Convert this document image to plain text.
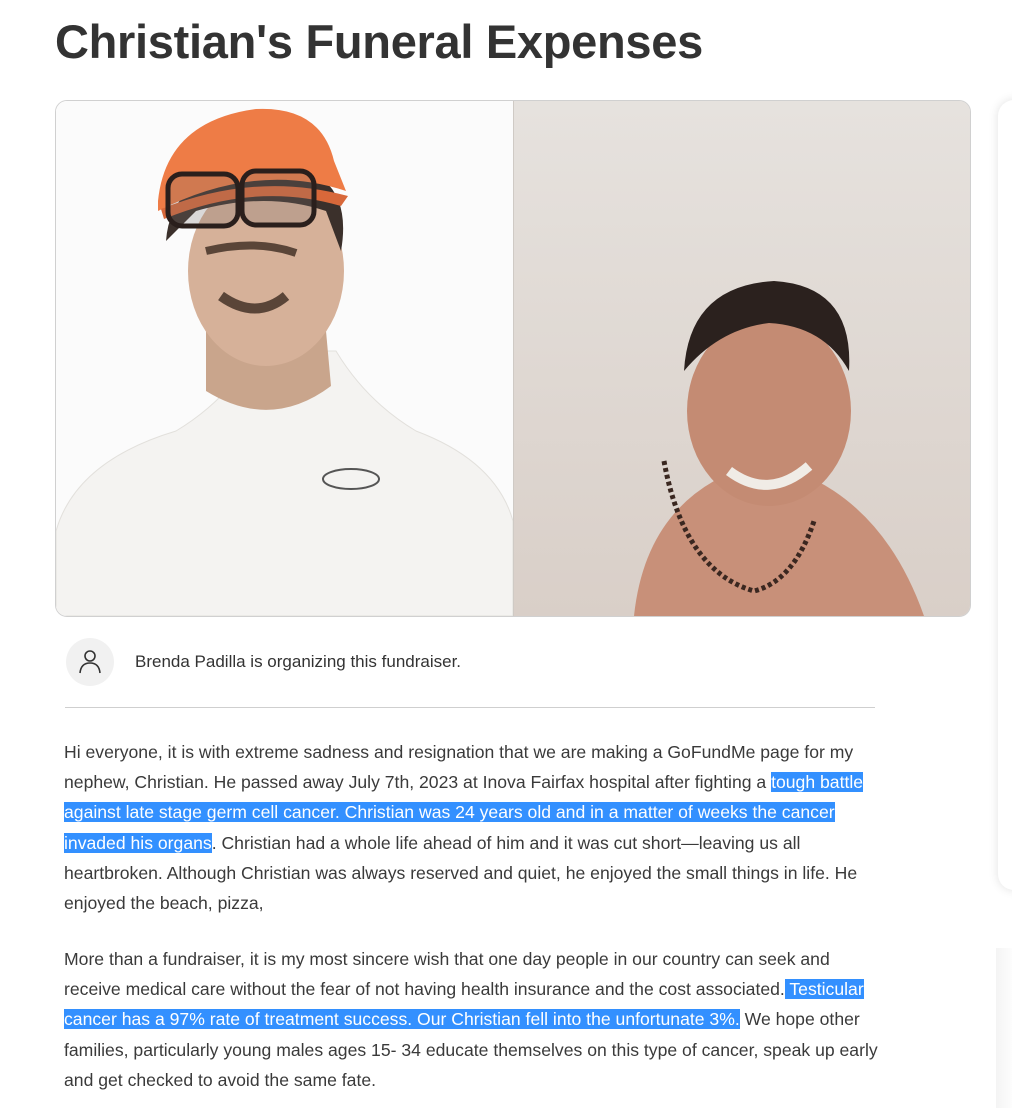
Christian's Funeral Expenses
Brenda Padilla is organizing this fundraiser.

Hi everyone, it is with extreme sadness and resignation that we are making a GoFundMe page for my nephew, Christian. He passed away July 7th, 2023 at Inova Fairfax hospital after fighting a tough battle against late stage germ cell cancer. Christian was 24 years old and in a matter of weeks the cancer invaded his organs. Christian had a whole life ahead of him and it was cut short—leaving us all heartbroken. Although Christian was always reserved and quiet, he enjoyed the small things in life. He enjoyed the beach, pizza,

More than a fundraiser, it is my most sincere wish that one day people in our country can seek and receive medical care without the fear of not having health insurance and the cost associated. Testicular cancer has a 97% rate of treatment success. Our Christian fell into the unfortunate 3%. We hope other families, particularly young males ages 15- 34 educate themselves on this type of cancer, speak up early and get checked to avoid the same fate.
